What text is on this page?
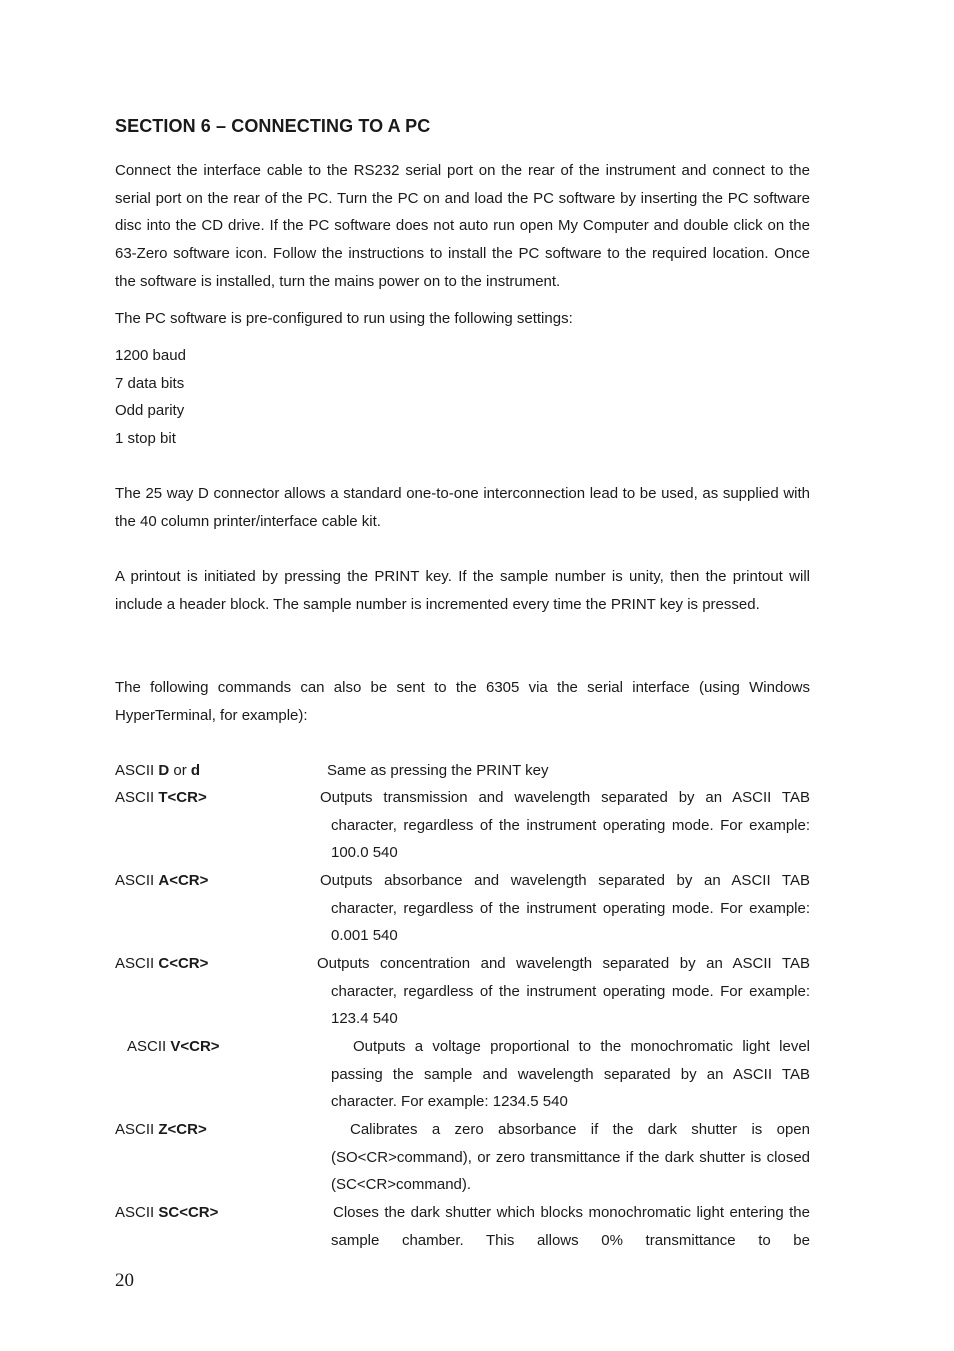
SECTION 6 – CONNECTING TO A PC

Connect the interface cable to the RS232 serial port on the rear of the instrument and connect to the serial port on the rear of the PC. Turn the PC on and load the PC software by inserting the PC software disc into the CD drive. If the PC software does not auto run open My Computer and double click on the 63-Zero software icon. Follow the instructions to install the PC software to the required location. Once the software is installed, turn the mains power on to the instrument.

The PC software is pre-configured to run using the following settings:

1200 baud
7 data bits
Odd parity
1 stop bit

The 25 way D connector allows a standard one-to-one interconnection lead to be used, as supplied with the 40 column printer/interface cable kit.

A printout is initiated by pressing the PRINT key. If the sample number is unity, then the printout will include a header block. The sample number is incremented every time the PRINT key is pressed.

The following commands can also be sent to the 6305 via the serial interface (using Windows HyperTerminal, for example):

ASCII D or d	Same as pressing the PRINT key

ASCII T<CR>	Outputs transmission and wavelength separated by an ASCII TAB character, regardless of the instrument operating mode. For example: 100.0 540

ASCII A<CR>	Outputs absorbance and wavelength separated by an ASCII TAB character, regardless of the instrument operating mode. For example: 0.001 540

ASCII C<CR>	Outputs concentration and wavelength separated by an ASCII TAB character, regardless of the instrument operating mode. For example: 123.4 540

ASCII V<CR>	Outputs a voltage proportional to the monochromatic light level passing the sample and wavelength separated by an ASCII TAB character. For example: 1234.5 540

ASCII Z<CR>	Calibrates a zero absorbance if the dark shutter is open (SO<CR>command), or zero transmittance if the dark shutter is closed (SC<CR>command).

ASCII SC<CR>	Closes the dark shutter which blocks monochromatic light entering the sample chamber. This allows 0% transmittance to be

20
